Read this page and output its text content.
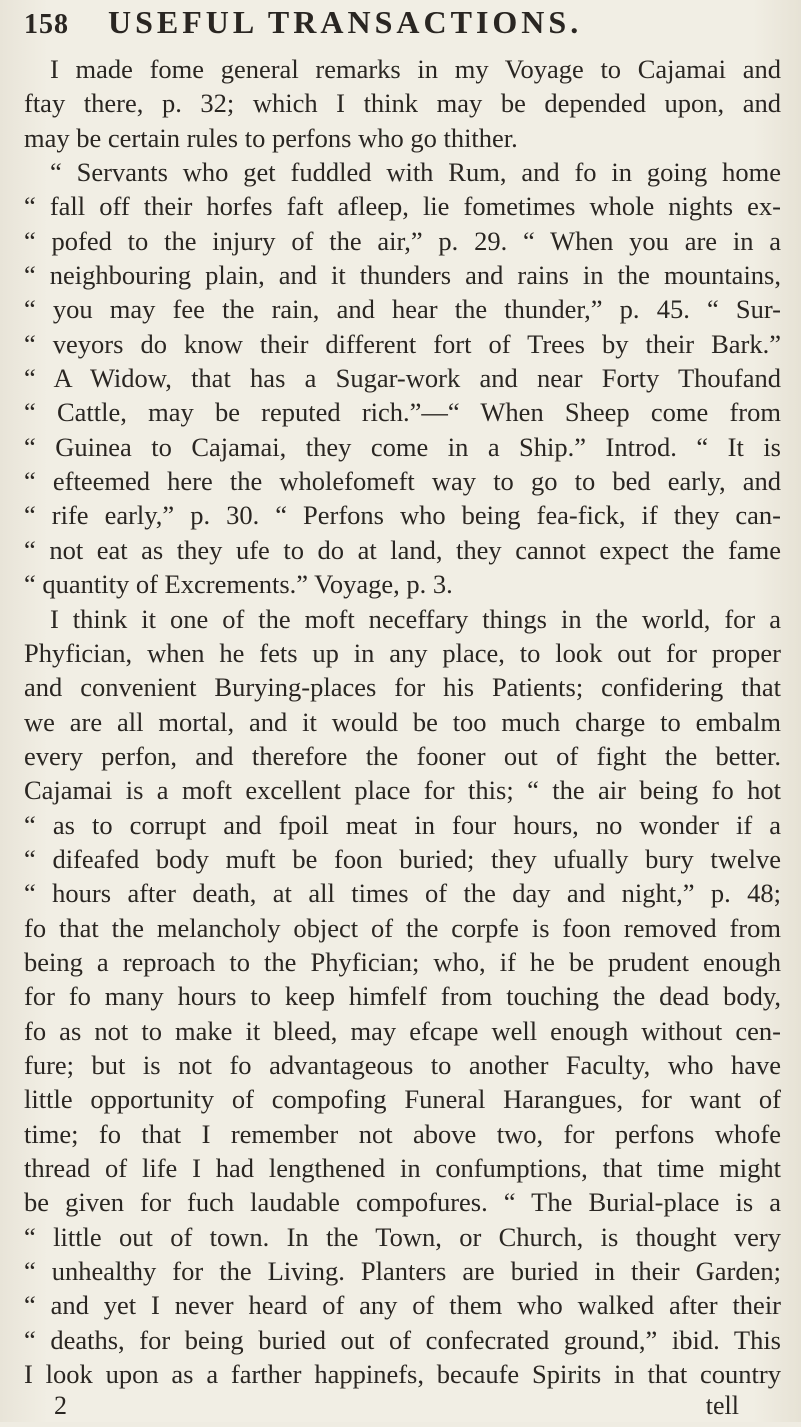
158	USEFUL TRANSACTIONS.
I made fome general remarks in my Voyage to Cajamai and
ftay there, p. 32; which I think may be depended upon, and
may be certain rules to perfons who go thither.
“ Servants who get fuddled with Rum, and fo in going home
“ fall off their horfes faft afleep, lie fometimes whole nights ex-
“ pofed to the injury of the air,” p. 29. “ When you are in a
“ neighbouring plain, and it thunders and rains in the mountains,
“ you may fee the rain, and hear the thunder,” p. 45. “ Sur-
“ veyors do know their different fort of Trees by their Bark.”
“ A Widow, that has a Sugar-work and near Forty Thoufand
“ Cattle, may be reputed rich.”—“ When Sheep come from
“ Guinea to Cajamai, they come in a Ship.” Introd. “ It is
“ efteemed here the wholefomeft way to go to bed early, and
“ rife early,” p. 30. “ Perfons who being fea-fick, if they can-
“ not eat as they ufe to do at land, they cannot expect the fame
“ quantity of Excrements.” Voyage, p. 3.
I think it one of the moft neceffary things in the world, for a
Phyfician, when he fets up in any place, to look out for proper
and convenient Burying-places for his Patients; confidering that
we are all mortal, and it would be too much charge to embalm
every perfon, and therefore the fooner out of fight the better.
Cajamai is a moft excellent place for this; “ the air being fo hot
“ as to corrupt and fpoil meat in four hours, no wonder if a
“ difeafed body muft be foon buried; they ufually bury twelve
“ hours after death, at all times of the day and night,” p. 48;
fo that the melancholy object of the corpfe is foon removed from
being a reproach to the Phyfician; who, if he be prudent enough
for fo many hours to keep himfelf from touching the dead body,
fo as not to make it bleed, may efcape well enough without cen-
fure; but is not fo advantageous to another Faculty, who have
little opportunity of compofing Funeral Harangues, for want of
time; fo that I remember not above two, for perfons whofe
thread of life I had lengthened in confumptions, that time might
be given for fuch laudable compofures. “ The Burial-place is a
“ little out of town. In the Town, or Church, is thought very
“ unhealthy for the Living. Planters are buried in their Garden;
“ and yet I never heard of any of them who walked after their
“ deaths, for being buried out of confecrated ground,” ibid. This
I look upon as a farther happinefs, becaufe Spirits in that country
2	tell
